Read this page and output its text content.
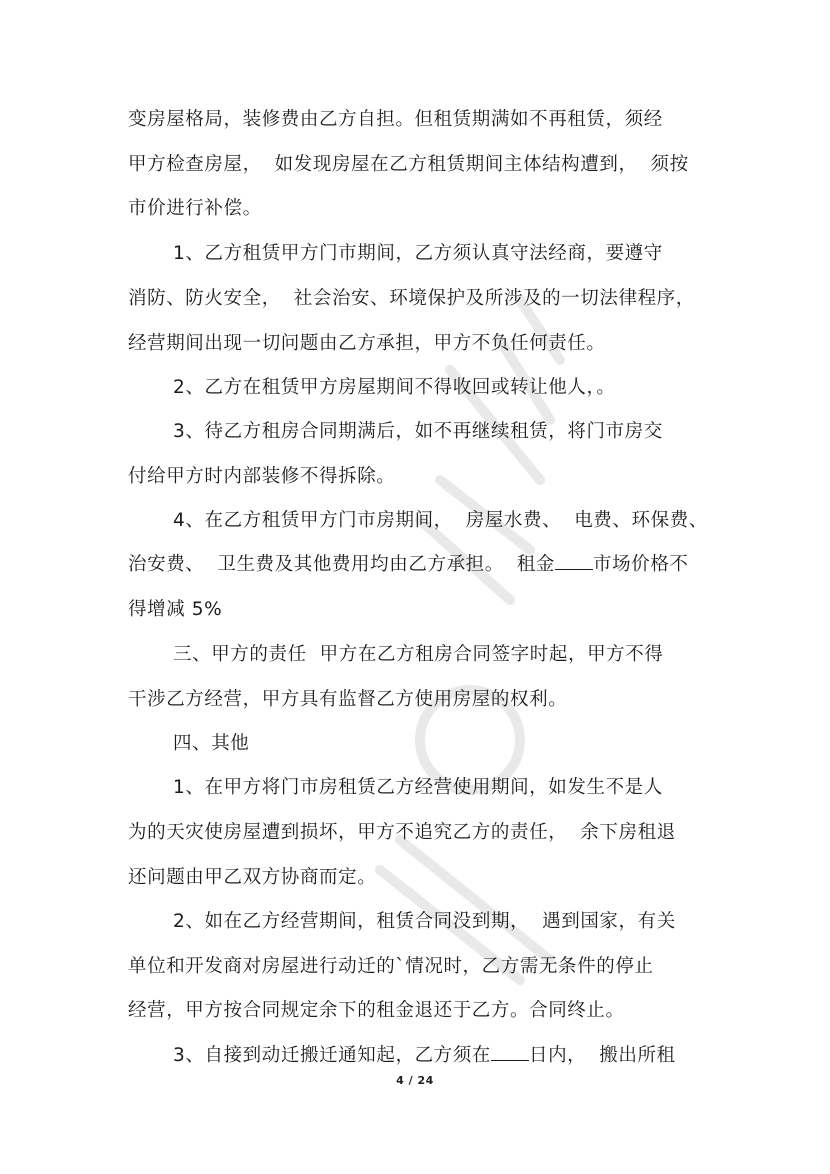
变房屋格局，装修费由乙方自担。但租赁期满如不再租赁，须经
甲方检查房屋，  如发现房屋在乙方租赁期间主体结构遭到，  须按
市价进行补偿。
1、乙方租赁甲方门市期间，乙方须认真守法经商，要遵守
消防、防火安全，  社会治安、环境保护及所涉及的一切法律程序，
经营期间出现一切问题由乙方承担，甲方不负任何责任。
2、乙方在租赁甲方房屋期间不得收回或转让他人，。
3、待乙方租房合同期满后，如不再继续租赁，将门市房交
付给甲方时内部装修不得拆除。
4、在乙方租赁甲方门市房期间，  房屋水费、  电费、环保费、
治安费、  卫生费及其他费用均由乙方承担。  租金 市场价格不
得增减 5%
三、甲方的责任  甲方在乙方租房合同签字时起，甲方不得
干涉乙方经营，甲方具有监督乙方使用房屋的权利。
四、其他
1、在甲方将门市房租赁乙方经营使用期间，如发生不是人
为的天灾使房屋遭到损坏，甲方不追究乙方的责任，  余下房租退
还问题由甲乙双方协商而定。
2、如在乙方经营期间，租赁合同没到期，  遇到国家，有关
单位和开发商对房屋进行动迁的`情况时，乙方需无条件的停止
经营，甲方按合同规定余下的租金退还于乙方。合同终止。
3、自接到动迁搬迁通知起，乙方须在 日内，  搬出所租
4 / 24
